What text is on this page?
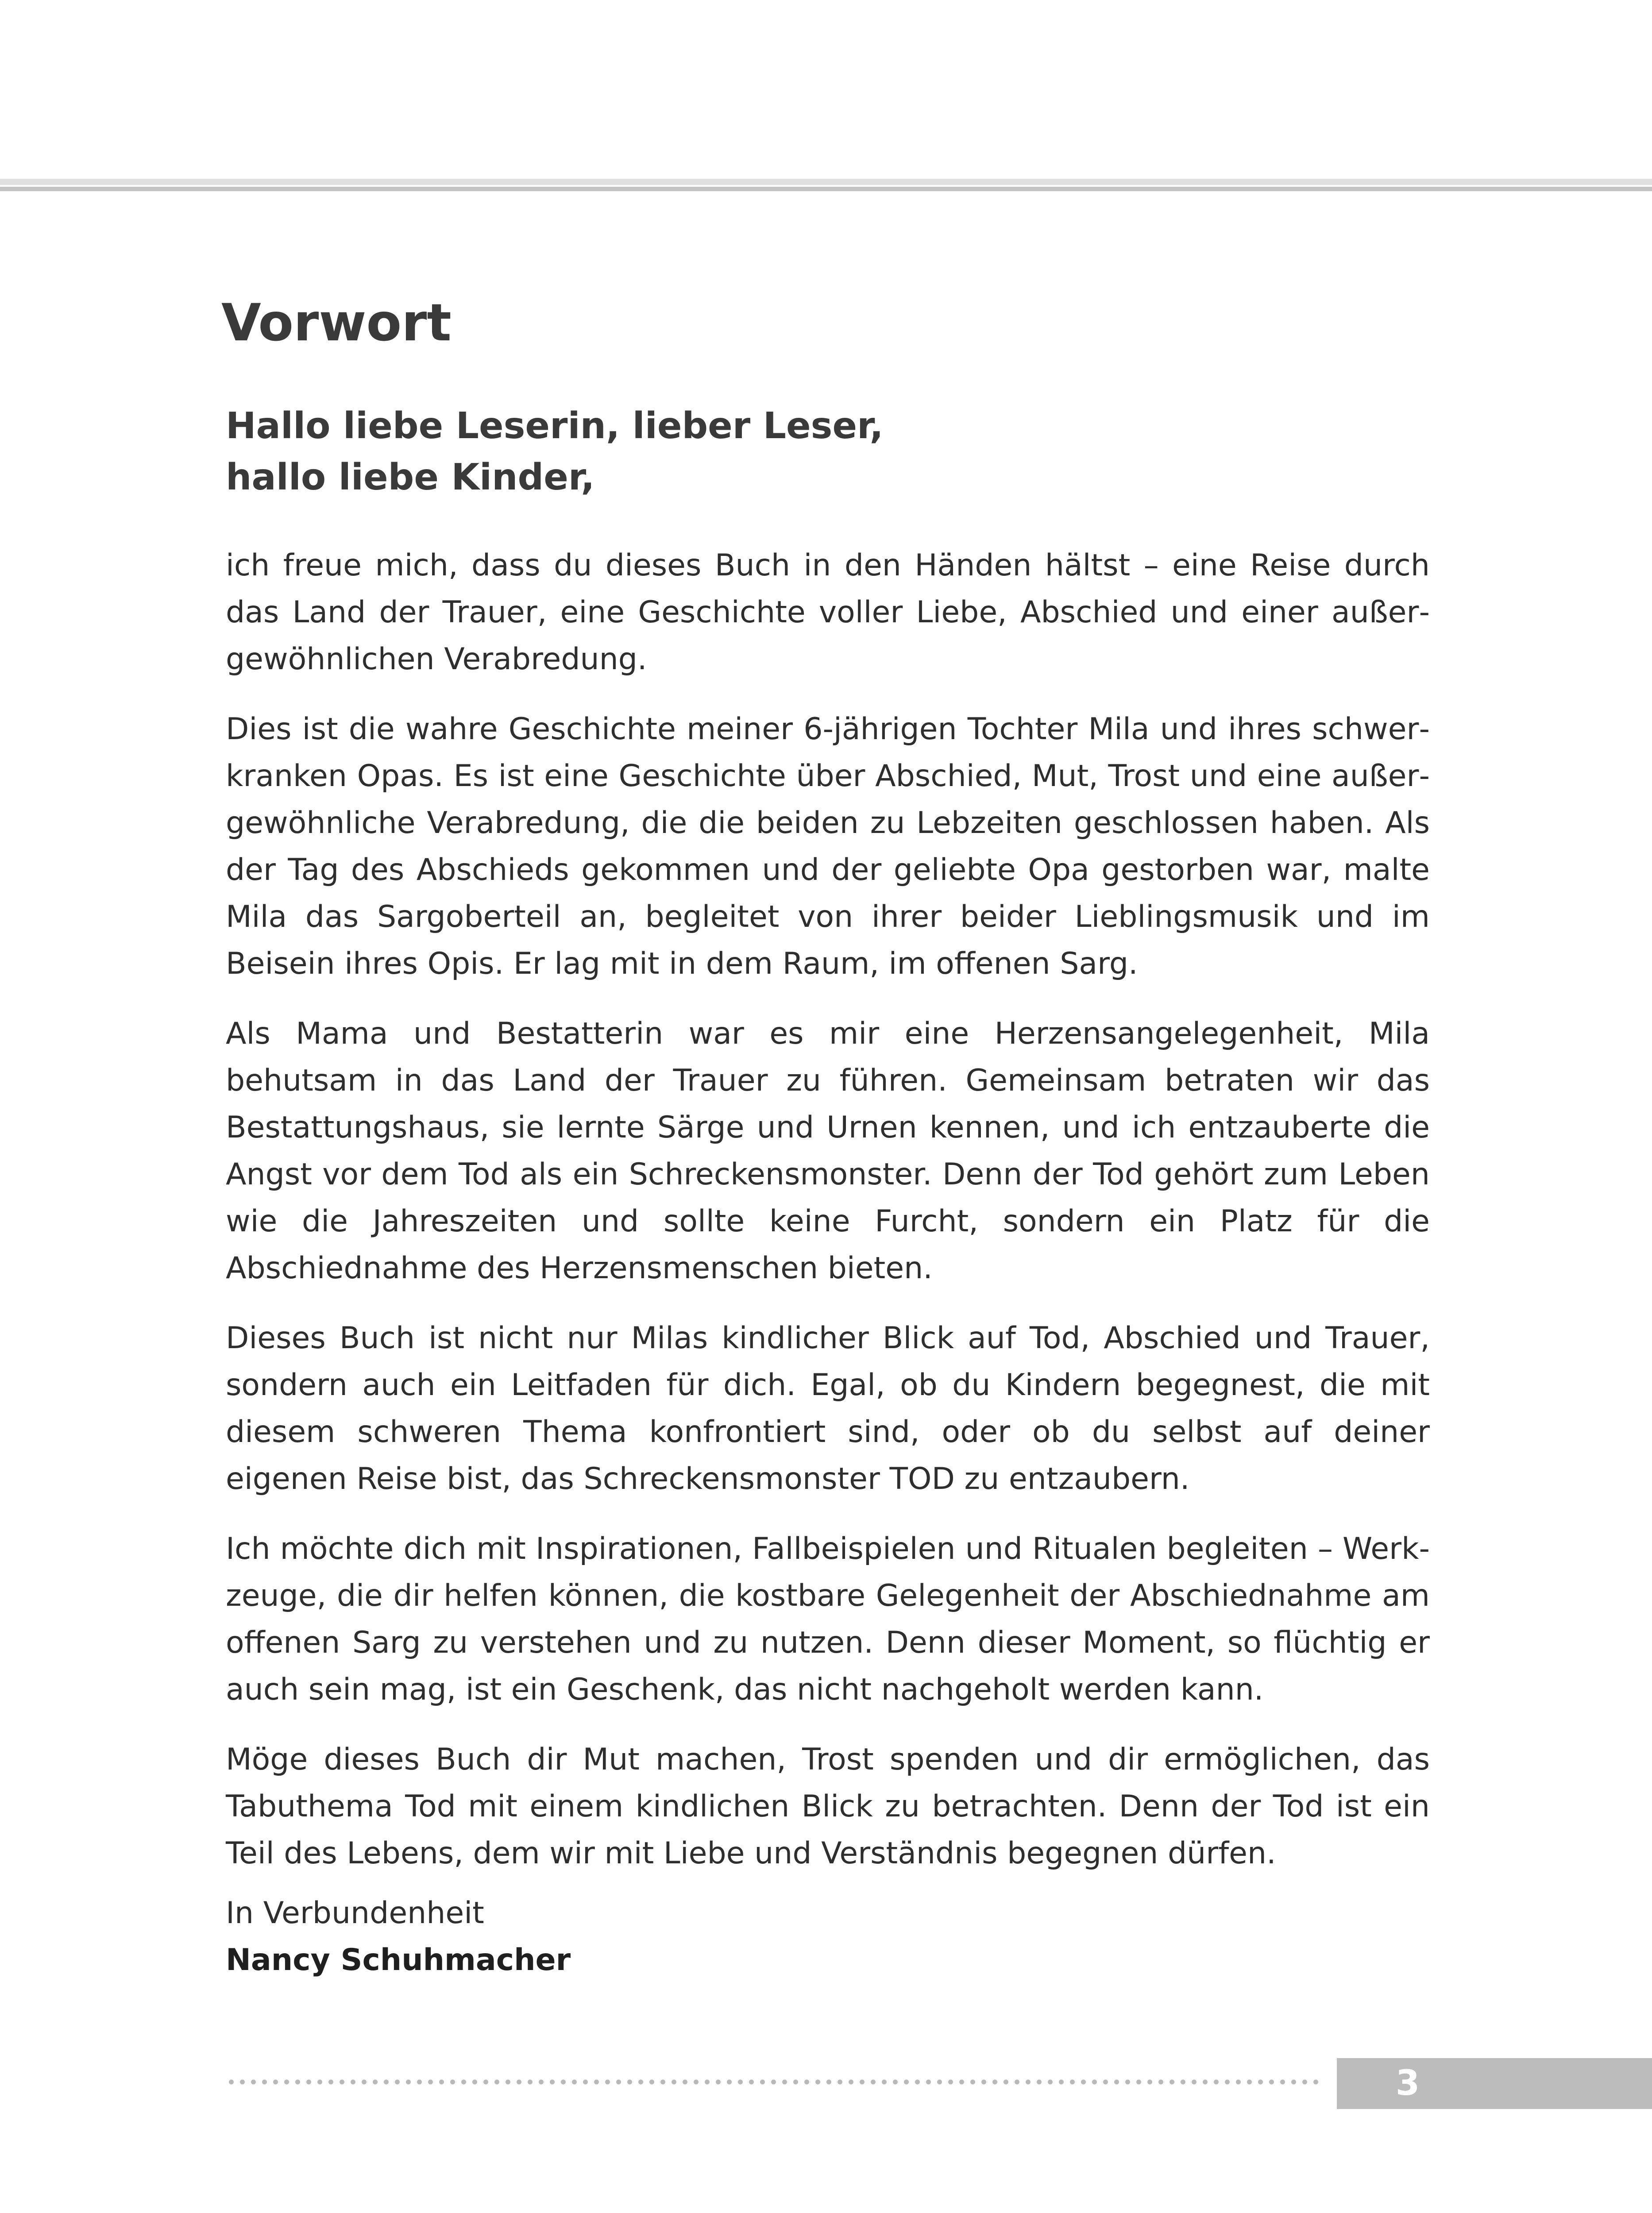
Vorwort
Hallo liebe Leserin, lieber Leser,
hallo liebe Kinder,

ich freue mich, dass du dieses Buch in den Händen hältst – eine Reise durch das Land der Trauer, eine Geschichte voller Liebe, Abschied und einer außergewöhnlichen Verabredung.

Dies ist die wahre Geschichte meiner 6-jährigen Tochter Mila und ihres schwerkranken Opas. Es ist eine Geschichte über Abschied, Mut, Trost und eine außergewöhnliche Verabredung, die die beiden zu Lebzeiten geschlossen haben. Als der Tag des Abschieds gekommen und der geliebte Opa gestorben war, malte Mila das Sargoberteil an, begleitet von ihrer beider Lieblingsmusik und im Beisein ihres Opis. Er lag mit in dem Raum, im offenen Sarg.

Als Mama und Bestatterin war es mir eine Herzensangelegenheit, Mila behutsam in das Land der Trauer zu führen. Gemeinsam betraten wir das Bestattungshaus, sie lernte Särge und Urnen kennen, und ich entzauberte die Angst vor dem Tod als ein Schreckensmonster. Denn der Tod gehört zum Leben wie die Jahreszeiten und sollte keine Furcht, sondern ein Platz für die Abschiednahme des Herzensmenschen bieten.

Dieses Buch ist nicht nur Milas kindlicher Blick auf Tod, Abschied und Trauer, sondern auch ein Leitfaden für dich. Egal, ob du Kindern begegnest, die mit diesem schweren Thema konfrontiert sind, oder ob du selbst auf deiner eigenen Reise bist, das Schreckensmonster TOD zu entzaubern.

Ich möchte dich mit Inspirationen, Fallbeispielen und Ritualen begleiten – Werkzeuge, die dir helfen können, die kostbare Gelegenheit der Abschiednahme am offenen Sarg zu verstehen und zu nutzen. Denn dieser Moment, so flüchtig er auch sein mag, ist ein Geschenk, das nicht nachgeholt werden kann.

Möge dieses Buch dir Mut machen, Trost spenden und dir ermöglichen, das Tabuthema Tod mit einem kindlichen Blick zu betrachten. Denn der Tod ist ein Teil des Lebens, dem wir mit Liebe und Verständnis begegnen dürfen.

In Verbundenheit
Nancy Schuhmacher
3
